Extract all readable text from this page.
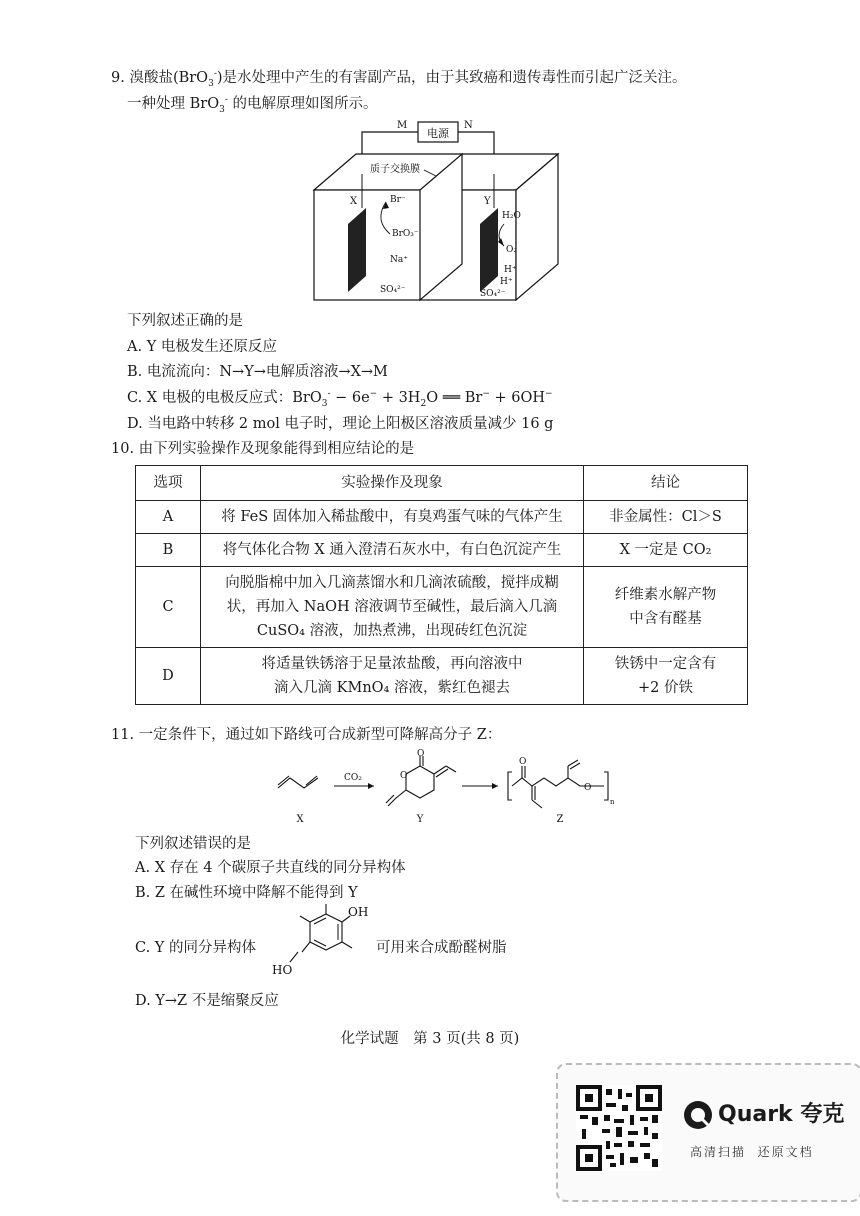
9. 溴酸盐(BrO$_3$-)是水处理中产生的有害副产品，由于其致癌和遗传毒性而引起广泛关注。
一种处理 BrO$_3$- 的电解原理如图所示。
电源
M	N
质子交换膜
X	Y
Br⁻
BrO₃⁻
Na⁺
SO₄²⁻
H₂O
O₂
H⁺
H⁺
SO₄²⁻
下列叙述正确的是
A. Y 电极发生还原反应
B. 电流流向：N→Y→电解质溶液→X→M
C. X 电极的电极反应式：$BrO_3^- - 6e^- + 3H_2O$ ══ Br− + 6OH−
D. 当电路中转移 2 mol 电子时，理论上阳极区溶液质量减少 16 g
10. 由下列实验操作及现象能得到相应结论的是
选项	实验操作及现象	结论
A	将 FeS 固体加入稀盐酸中，有臭鸡蛋气味的气体产生	非金属性：Cl＞S
B	将气体化合物 X 通入澄清石灰水中，有白色沉淀产生	X 一定是 CO₂
C	向脱脂棉中加入几滴蒸馏水和几滴浓硫酸，搅拌成糊
状，再加入 NaOH 溶液调节至碱性，最后滴入几滴
CuSO₄ 溶液，加热煮沸，出现砖红色沉淀	纤维素水解产物
中含有醛基
D	将适量铁锈溶于足量浓盐酸，再向溶液中
滴入几滴 KMnO₄ 溶液，紫红色褪去	铁锈中一定含有
+2 价铁
11. 一定条件下，通过如下路线可合成新型可降解高分子 Z：
X
CO₂
O
O
Y
O
O
n
Z
下列叙述错误的是
A. X 存在 4 个碳原子共直线的同分异构体
B. Z 在碱性环境中降解不能得到 Y
C. Y 的同分异构体
OH
HO
可用来合成酚醛树脂
D. Y→Z 不是缩聚反应
化学试题　第 3 页(共 8 页)
Quark 夸克
高清扫描 还原文档
